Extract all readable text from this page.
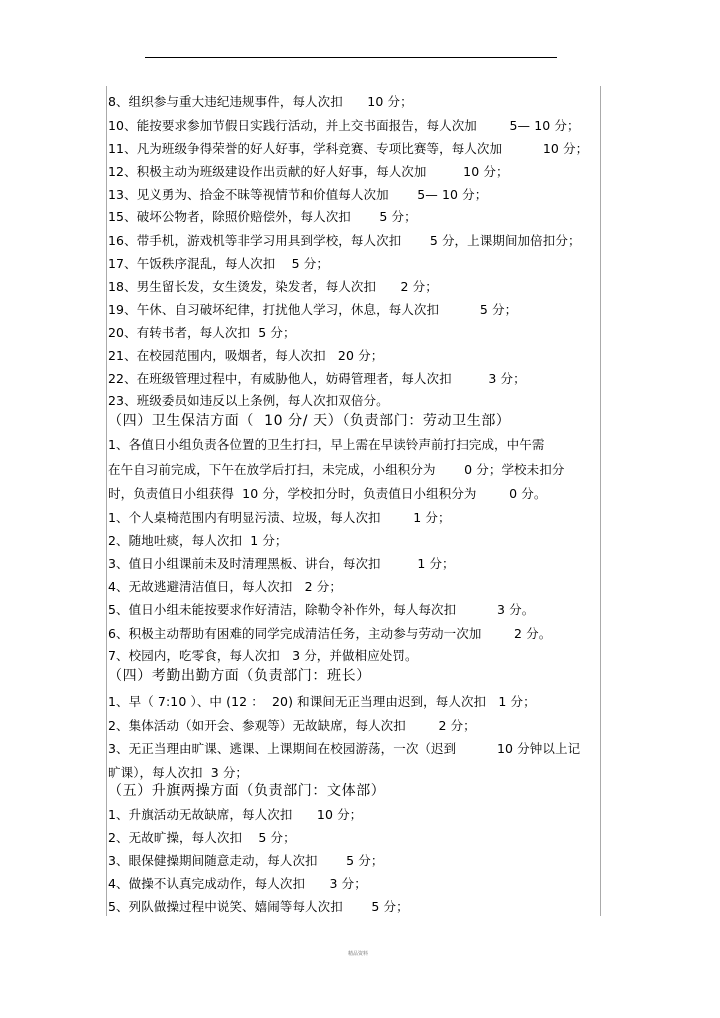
8、组织参与重大违纪违规事件，每人次扣      10 分；
10、能按要求参加节假日实践行活动，并上交书面报告，每人次加        5— 10 分；
11、凡为班级争得荣誉的好人好事，学科竞赛、专项比赛等，每人次加          10 分；
12、积极主动为班级建设作出贡献的好人好事，每人次加         10 分；
13、见义勇为、拾金不昧等视情节和价值每人次加       5— 10 分；
15、破坏公物者，除照价赔偿外，每人次扣       5 分；
16、带手机，游戏机等非学习用具到学校，每人次扣       5 分，上课期间加倍扣分；
17、午饭秩序混乱，每人次扣    5 分；
18、男生留长发，女生烫发，染发者，每人次扣      2 分；
19、午休、自习破坏纪律，打扰他人学习，休息，每人次扣          5 分；
20、有转书者，每人次扣  5 分；
21、在校园范围内，吸烟者，每人次扣   20 分；
22、在班级管理过程中，有威胁他人，妨碍管理者，每人次扣         3 分；
23、班级委员如违反以上条例，每人次扣双倍分。
（四）卫生保洁方面（  10 分/ 天）（负责部门：劳动卫生部）
1、各值日小组负责各位置的卫生打扫，早上需在早读铃声前打扫完成，中午需
在午自习前完成，下午在放学后打扫，未完成，小组积分为       0 分；学校未扣分
时，负责值日小组获得  10 分，学校扣分时，负责值日小组积分为        0 分。
1、个人桌椅范围内有明显污渍、垃圾，每人次扣        1 分；
2、随地吐痰，每人次扣  1 分；
3、值日小组课前未及时清理黑板、讲台，每次扣         1 分；
4、无故逃避清洁值日，每人次扣   2 分；
5、值日小组未能按要求作好清洁，除勒令补作外，每人每次扣          3 分。
6、积极主动帮助有困难的同学完成清洁任务，主动参与劳动一次加        2 分。
7、校园内，吃零食，每人次扣   3 分，并做相应处罚。
（四）考勤出勤方面（负责部门：班长）
1、早（ 7:10 ）、中 (12 ：  20) 和课间无正当理由迟到，每人次扣   1 分；
2、集体活动（如开会、参观等）无故缺席，每人次扣        2 分；
3、无正当理由旷课、逃课、上课期间在校园游荡，一次（迟到          10 分钟以上记
旷课），每人次扣  3 分；
（五）升旗两操方面（负责部门：文体部）
1、升旗活动无故缺席，每人次扣      10 分；
2、无故旷操，每人次扣    5 分；
3、眼保健操期间随意走动，每人次扣       5 分；
4、做操不认真完成动作，每人次扣      3 分；
5、列队做操过程中说笑、嬉闹等每人次扣       5 分；
精品资料
